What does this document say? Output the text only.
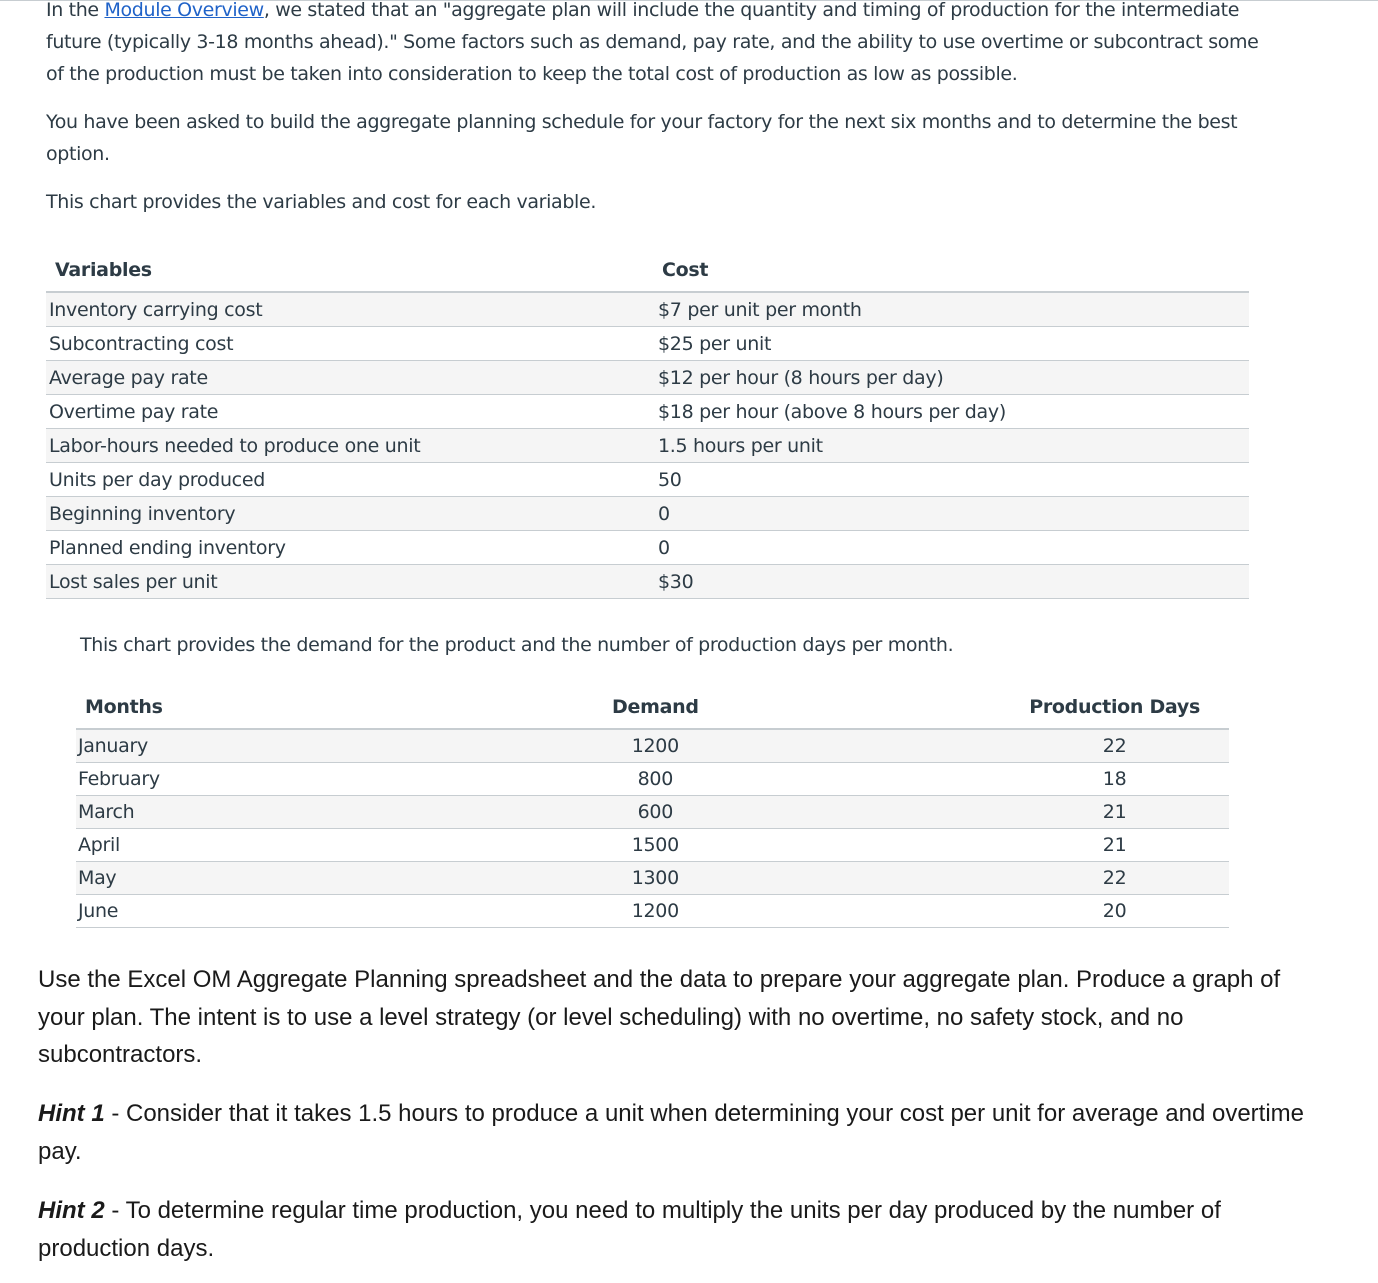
In the Module Overview, we stated that an "aggregate plan will include the quantity and timing of production for the intermediate future (typically 3-18 months ahead)." Some factors such as demand, pay rate, and the ability to use overtime or subcontract some of the production must be taken into consideration to keep the total cost of production as low as possible.

You have been asked to build the aggregate planning schedule for your factory for the next six months and to determine the best option.

This chart provides the variables and cost for each variable.

Variables	Cost
Inventory carrying cost	$7 per unit per month
Subcontracting cost	$25 per unit
Average pay rate	$12 per hour (8 hours per day)
Overtime pay rate	$18 per hour (above 8 hours per day)
Labor-hours needed to produce one unit	1.5 hours per unit
Units per day produced	50
Beginning inventory	0
Planned ending inventory	0
Lost sales per unit	$30

This chart provides the demand for the product and the number of production days per month.

Months	Demand		Production Days
January	1200		22
February	800		18
March	600		21
April	1500		21
May	1300		22
June	1200		20

Use the Excel OM Aggregate Planning spreadsheet and the data to prepare your aggregate plan. Produce a graph of your plan. The intent is to use a level strategy (or level scheduling) with no overtime, no safety stock, and no subcontractors.

Hint 1 - Consider that it takes 1.5 hours to produce a unit when determining your cost per unit for average and overtime pay.

Hint 2 - To determine regular time production, you need to multiply the units per day produced by the number of production days.
